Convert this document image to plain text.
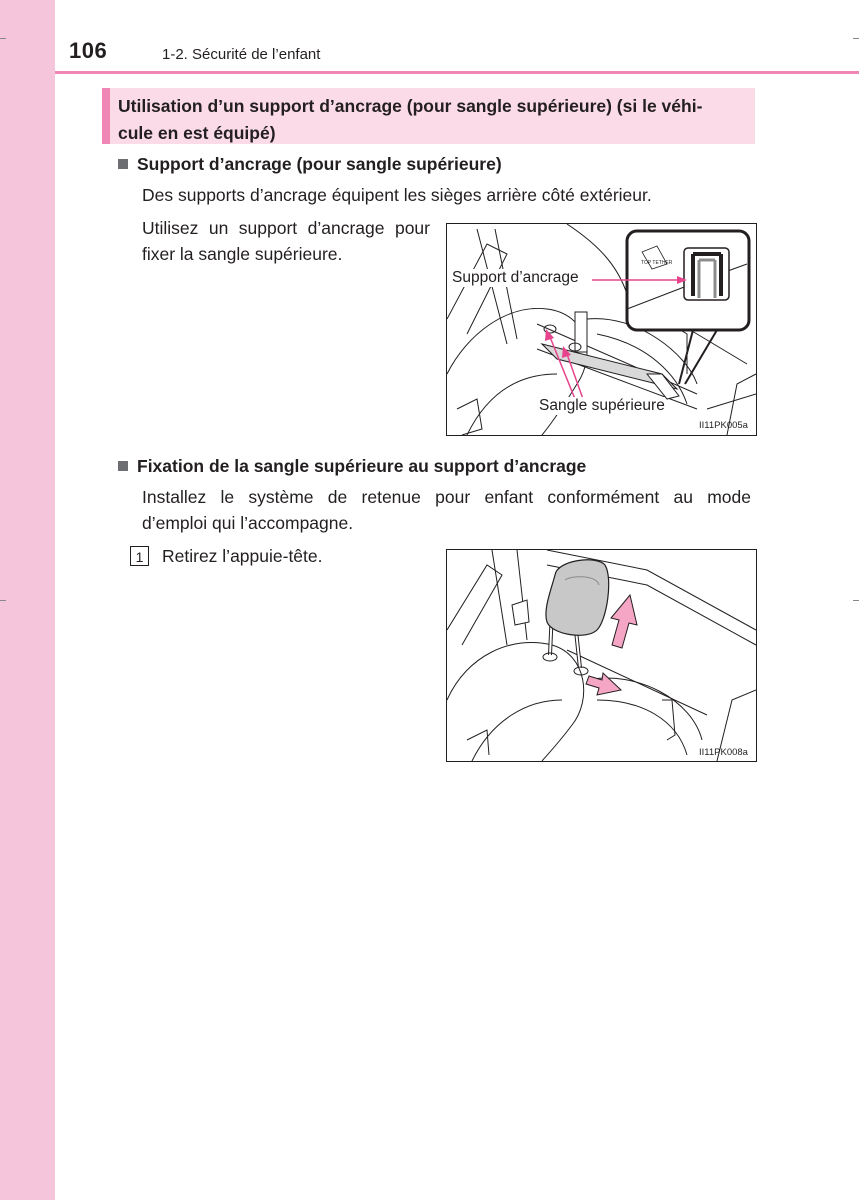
106	1-2. Sécurité de l’enfant
Utilisation d’un support d’ancrage (pour sangle supérieure) (si le véhi-
cule en est équipé)
Support d’ancrage (pour sangle supérieure)
Des supports d’ancrage équipent les sièges arrière côté extérieur.
Utilisez un support d’ancrage pour
fixer la sangle supérieure.	TOP TETHER
Support d’ancrage
Sangle supérieure
II11PK005a
Fixation de la sangle supérieure au support d’ancrage
Installez le système de retenue pour enfant conformément au mode
d’emploi qui l’accompagne.
1	Retirez l’appuie-tête.
II11PK008a
